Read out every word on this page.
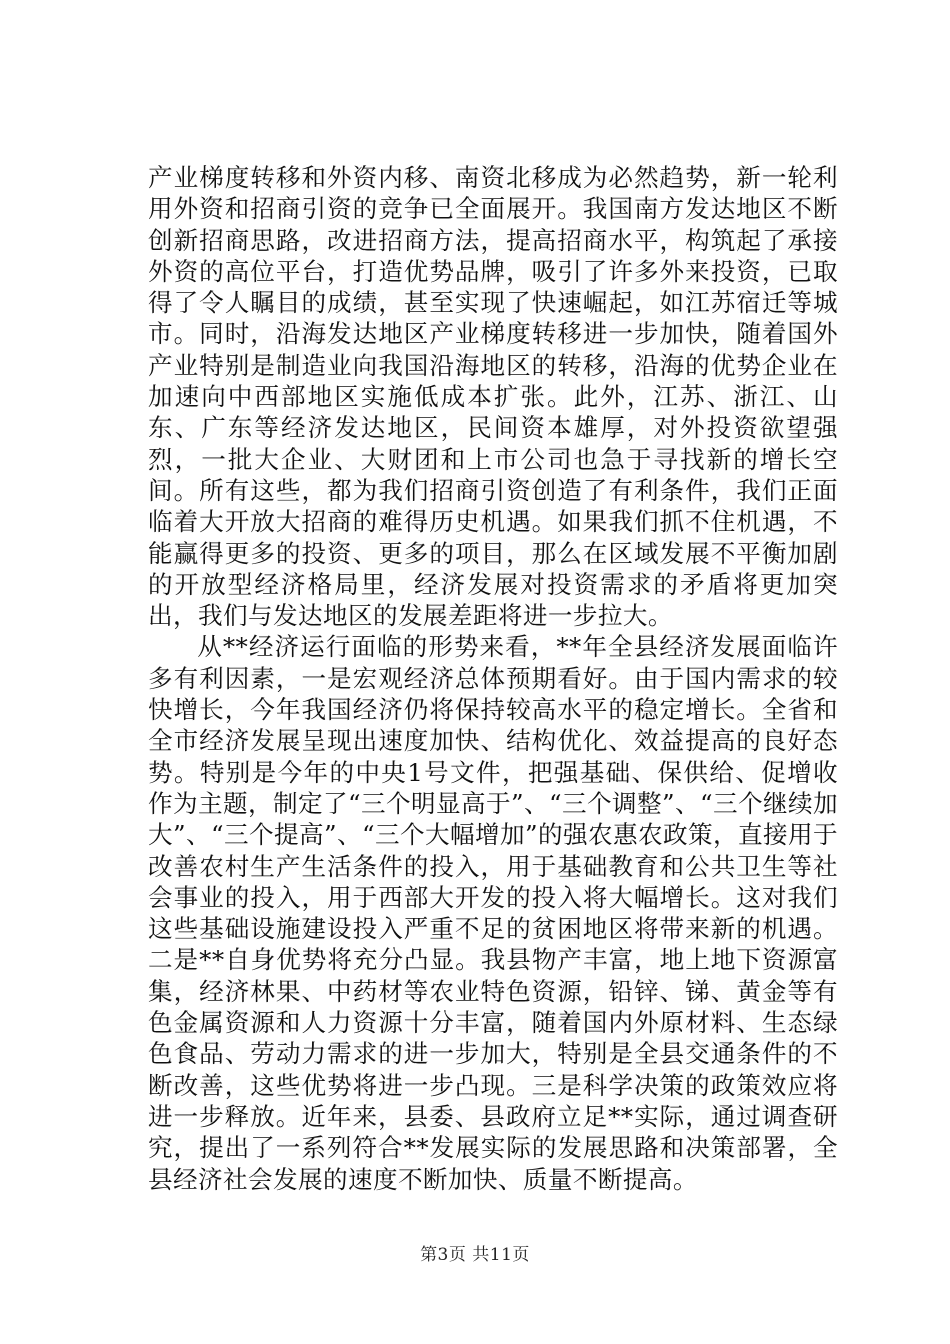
产业梯度转移和外资内移、南资北移成为必然趋势，新一轮利用外资和招商引资的竞争已全面展开。我国南方发达地区不断创新招商思路，改进招商方法，提高招商水平，构筑起了承接外资的高位平台，打造优势品牌，吸引了许多外来投资，已取得了令人瞩目的成绩，甚至实现了快速崛起，如江苏宿迁等城市。同时，沿海发达地区产业梯度转移进一步加快，随着国外产业特别是制造业向我国沿海地区的转移，沿海的优势企业在加速向中西部地区实施低成本扩张。此外，江苏、浙江、山东、广东等经济发达地区，民间资本雄厚，对外投资欲望强烈，一批大企业、大财团和上市公司也急于寻找新的增长空间。所有这些，都为我们招商引资创造了有利条件，我们正面临着大开放大招商的难得历史机遇。如果我们抓不住机遇，不能赢得更多的投资、更多的项目，那么在区域发展不平衡加剧的开放型经济格局里，经济发展对投资需求的矛盾将更加突出，我们与发达地区的发展差距将进一步拉大。

从**经济运行面临的形势来看，**年全县经济发展面临许多有利因素，一是宏观经济总体预期看好。由于国内需求的较快增长，今年我国经济仍将保持较高水平的稳定增长。全省和全市经济发展呈现出速度加快、结构优化、效益提高的良好态势。特别是今年的中央1号文件，把强基础、保供给、促增收作为主题，制定了“三个明显高于”、“三个调整”、“三个继续加大”、“三个提高”、“三个大幅增加”的强农惠农政策，直接用于改善农村生产生活条件的投入，用于基础教育和公共卫生等社会事业的投入，用于西部大开发的投入将大幅增长。这对我们这些基础设施建设投入严重不足的贫困地区将带来新的机遇。二是**自身优势将充分凸显。我县物产丰富，地上地下资源富集，经济林果、中药材等农业特色资源，铅锌、锑、黄金等有色金属资源和人力资源十分丰富，随着国内外原材料、生态绿色食品、劳动力需求的进一步加大，特别是全县交通条件的不断改善，这些优势将进一步凸现。三是科学决策的政策效应将进一步释放。近年来，县委、县政府立足**实际，通过调查研究，提出了一系列符合**发展实际的发展思路和决策部署，全县经济社会发展的速度不断加快、质量不断提高。

第3页 共11页
